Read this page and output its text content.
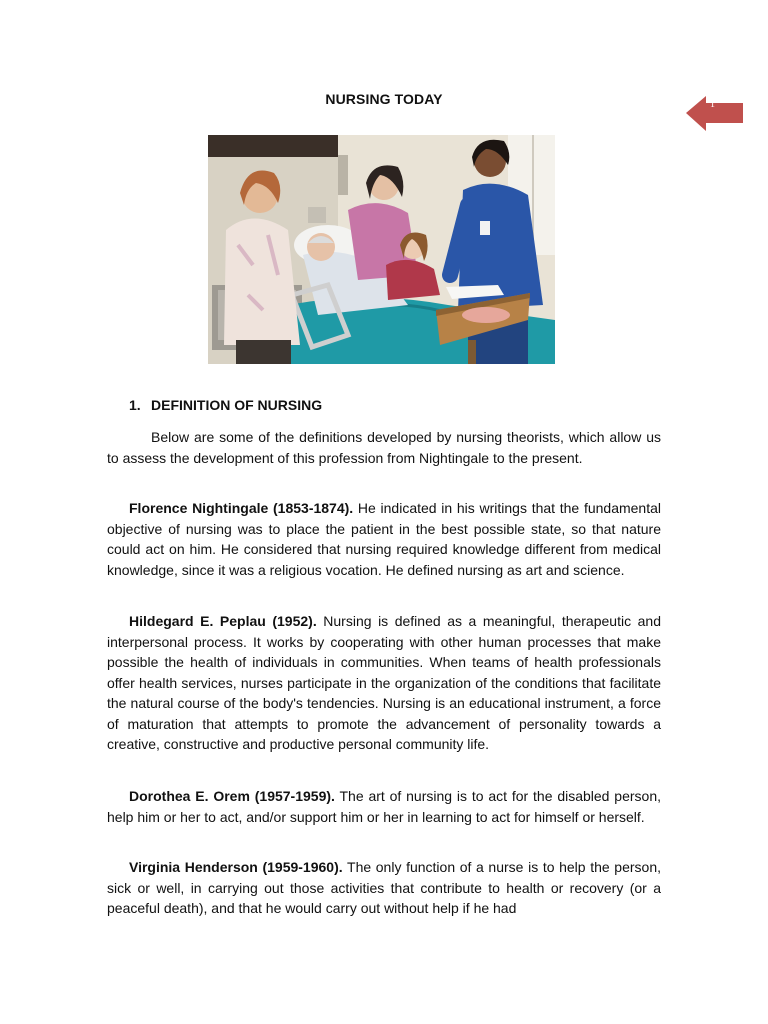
NURSING TODAY	1
1. DEFINITION OF NURSING
Below are some of the definitions developed by nursing theorists, which allow us to assess the development of this profession from Nightingale to the present.
Florence Nightingale (1853-1874). He indicated in his writings that the fundamental objective of nursing was to place the patient in the best possible state, so that nature could act on him. He considered that nursing required knowledge different from medical knowledge, since it was a religious vocation. He defined nursing as art and science.
Hildegard E. Peplau (1952). Nursing is defined as a meaningful, therapeutic and interpersonal process. It works by cooperating with other human processes that make possible the health of individuals in communities. When teams of health professionals offer health services, nurses participate in the organization of the conditions that facilitate the natural course of the body's tendencies. Nursing is an educational instrument, a force of maturation that attempts to promote the advancement of personality towards a creative, constructive and productive personal community life.
Dorothea E. Orem (1957-1959). The art of nursing is to act for the disabled person, help him or her to act, and/or support him or her in learning to act for himself or herself.
Virginia Henderson (1959-1960). The only function of a nurse is to help the person, sick or well, in carrying out those activities that contribute to health or recovery (or a peaceful death), and that he would carry out without help if he had
